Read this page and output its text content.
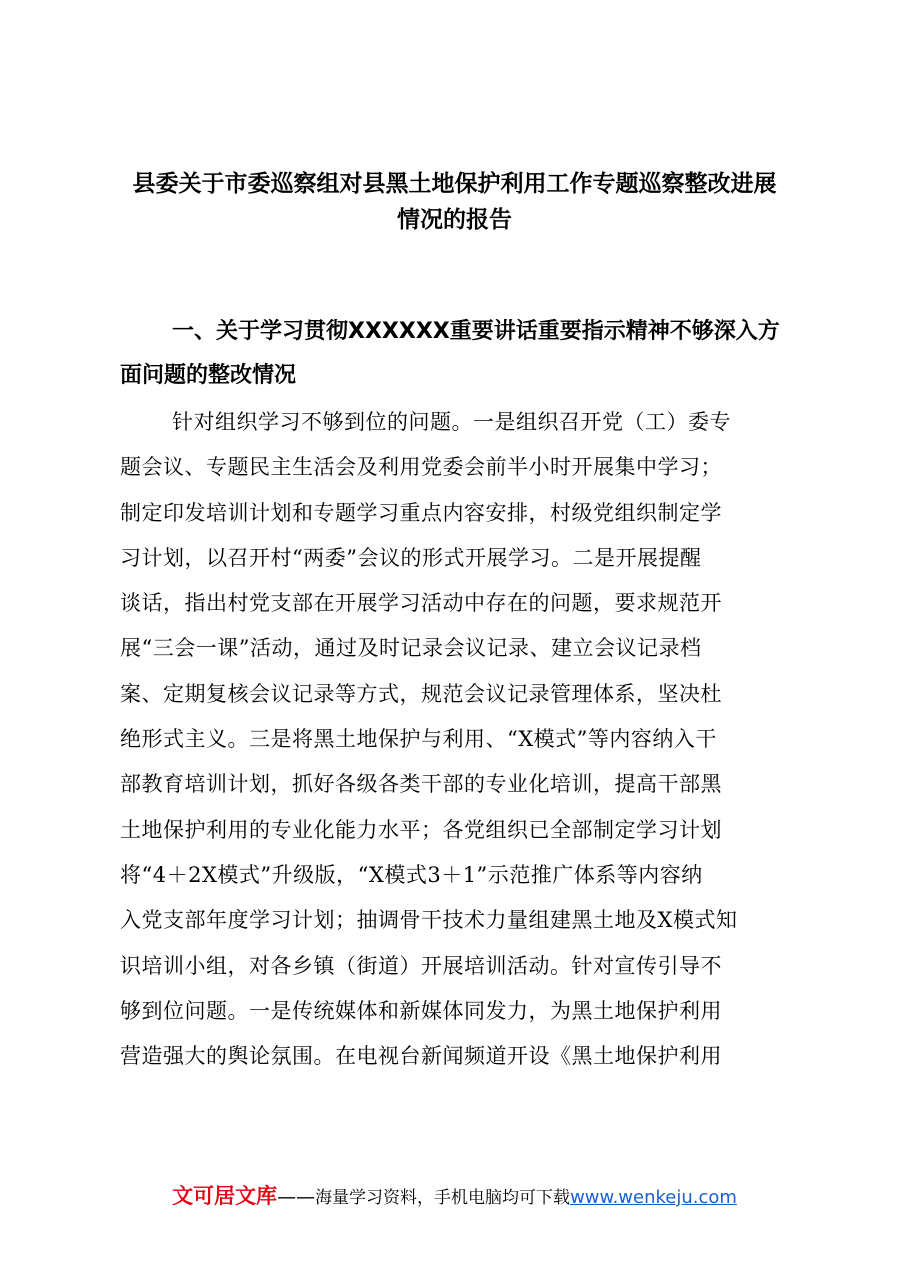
县委关于市委巡察组对县黑土地保护利用工作专题巡察整改进展
情况的报告
一、关于学习贯彻XXXXXX重要讲话重要指示精神不够深入方
面问题的整改情况
针对组织学习不够到位的问题。一是组织召开党（工）委专
题会议、专题民主生活会及利用党委会前半小时开展集中学习；
制定印发培训计划和专题学习重点内容安排，村级党组织制定学
习计划，以召开村“两委”会议的形式开展学习。二是开展提醒
谈话，指出村党支部在开展学习活动中存在的问题，要求规范开
展“三会一课”活动，通过及时记录会议记录、建立会议记录档
案、定期复核会议记录等方式，规范会议记录管理体系，坚决杜
绝形式主义。三是将黑土地保护与利用、“X模式”等内容纳入干
部教育培训计划，抓好各级各类干部的专业化培训，提高干部黑
土地保护利用的专业化能力水平；各党组织已全部制定学习计划
将“4＋2X模式”升级版，“X模式3＋1”示范推广体系等内容纳
入党支部年度学习计划；抽调骨干技术力量组建黑土地及X模式知
识培训小组，对各乡镇（街道）开展培训活动。针对宣传引导不
够到位问题。一是传统媒体和新媒体同发力，为黑土地保护利用
营造强大的舆论氛围。在电视台新闻频道开设《黑土地保护利用
文可居文库——海量学习资料，手机电脑均可下载www.wenkeju.com
